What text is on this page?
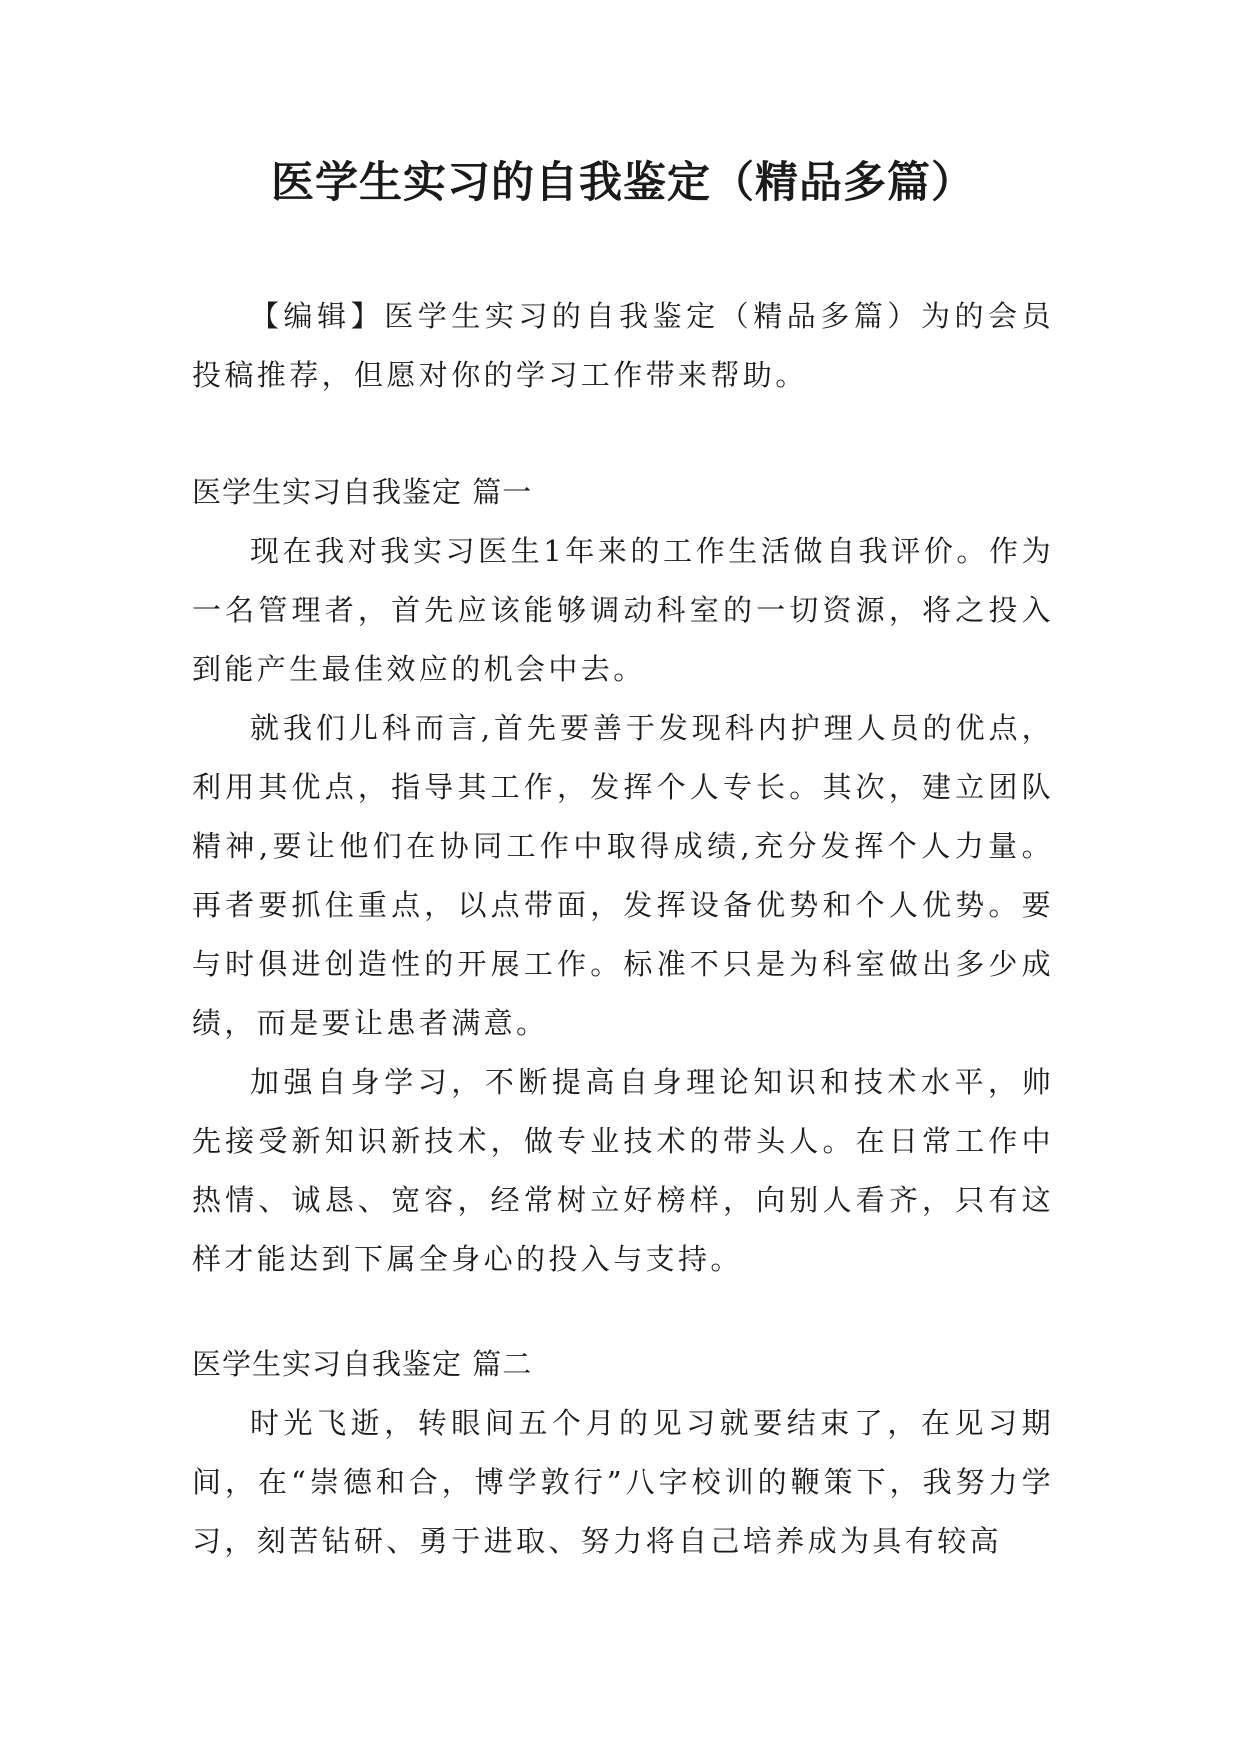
医学生实习的自我鉴定（精品多篇）

【编辑】医学生实习的自我鉴定（精品多篇）为的会员投稿推荐，但愿对你的学习工作带来帮助。

医学生实习自我鉴定 篇一

现在我对我实习医生1年来的工作生活做自我评价。作为一名管理者，首先应该能够调动科室的一切资源，将之投入到能产生最佳效应的机会中去。

就我们儿科而言,首先要善于发现科内护理人员的优点，利用其优点，指导其工作，发挥个人专长。其次，建立团队精神,要让他们在协同工作中取得成绩,充分发挥个人力量。再者要抓住重点，以点带面，发挥设备优势和个人优势。要与时俱进创造性的开展工作。标准不只是为科室做出多少成绩，而是要让患者满意。

加强自身学习，不断提高自身理论知识和技术水平，帅先接受新知识新技术，做专业技术的带头人。在日常工作中热情、诚恳、宽容，经常树立好榜样，向别人看齐，只有这样才能达到下属全身心的投入与支持。

医学生实习自我鉴定 篇二

时光飞逝，转眼间五个月的见习就要结束了，在见习期间，在“崇德和合，博学敦行”八字校训的鞭策下，我努力学习，刻苦钻研、勇于进取、努力将自己培养成为具有较高
